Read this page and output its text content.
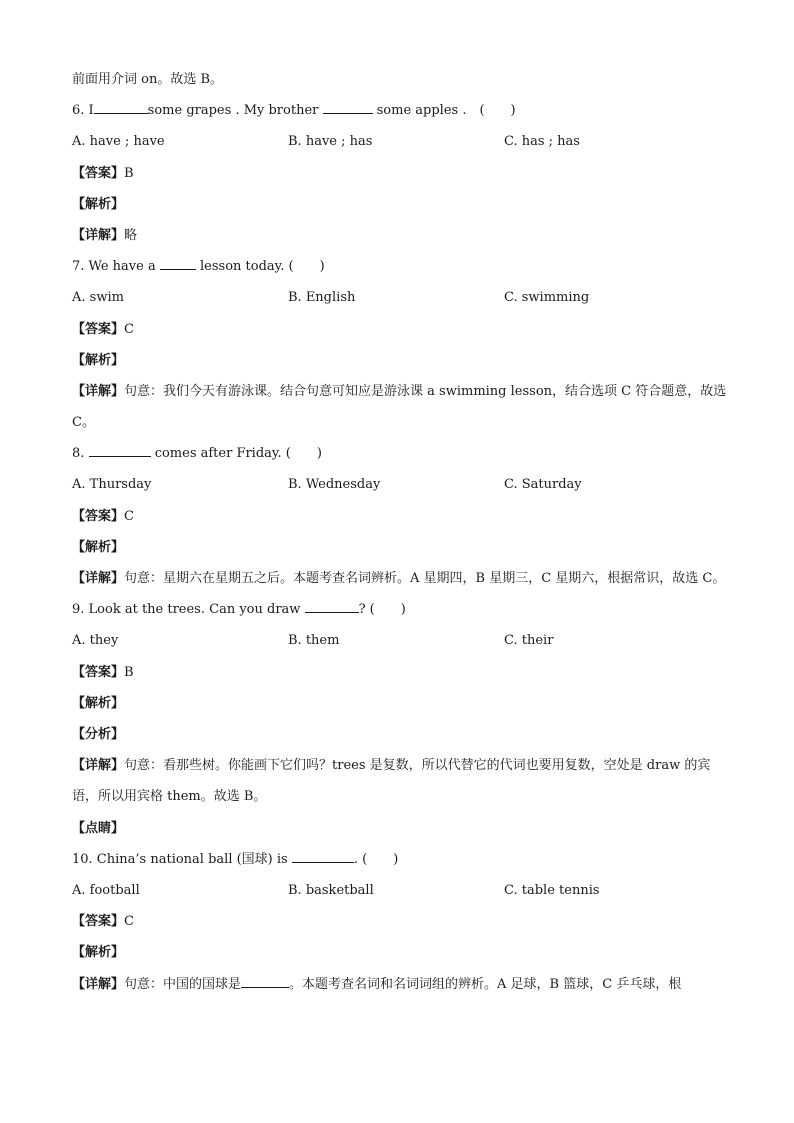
前面用介词 on。故选 B。
6. I	some grapes . My brother	some apples .　(　　)
A. have ; have	B. have ; has	C. has ; has
【答案】B
【解析】
【详解】略
7. We have a	lesson today. (　　)
A. swim	B. English	C. swimming
【答案】C
【解析】
【详解】句意：我们今天有游泳课。结合句意可知应是游泳课 a swimming lesson，结合选项 C 符合题意，故选 C。
8.	comes after Friday. (　　)
A. Thursday	B. Wednesday	C. Saturday
【答案】C
【解析】
【详解】句意：星期六在星期五之后。本题考查名词辨析。A 星期四，B 星期三，C 星期六，根据常识，故选 C。
9. Look at the trees. Can you draw	? (　　)
A. they	B. them	C. their
【答案】B
【解析】
【分析】
【详解】句意：看那些树。你能画下它们吗？trees 是复数，所以代替它的代词也要用复数，空处是 draw 的宾语，所以用宾格 them。故选 B。
【点睛】
10. China’s national ball (国球) is	. (　　)
A. football	B. basketball	C. table tennis
【答案】C
【解析】
【详解】句意：中国的国球是	。本题考查名词和名词词组的辨析。A 足球，B 篮球，C 乒乓球，根
